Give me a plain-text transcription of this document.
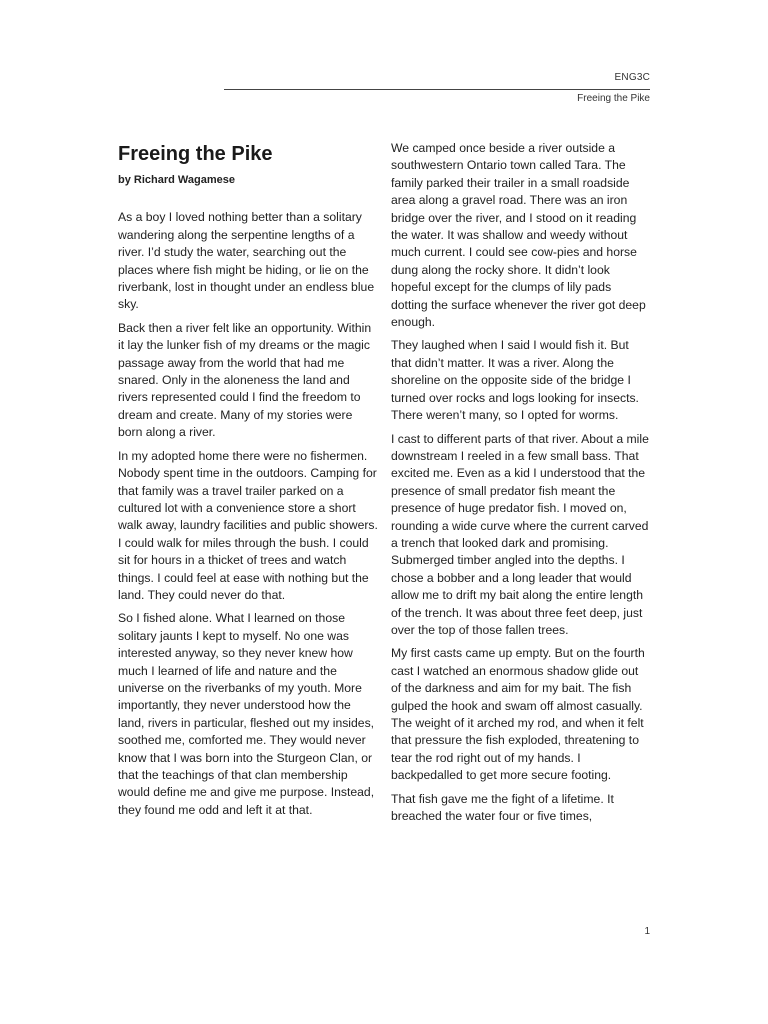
ENG3C
Freeing the Pike
Freeing the Pike
by Richard Wagamese

As a boy I loved nothing better than a solitary wandering along the serpentine lengths of a river. I’d study the water, searching out the places where fish might be hiding, or lie on the riverbank, lost in thought under an endless blue sky.

Back then a river felt like an opportunity. Within it lay the lunker fish of my dreams or the magic passage away from the world that had me snared. Only in the aloneness the land and rivers represented could I find the freedom to dream and create. Many of my stories were born along a river.

In my adopted home there were no fishermen. Nobody spent time in the outdoors. Camping for that family was a travel trailer parked on a cultured lot with a convenience store a short walk away, laundry facilities and public showers. I could walk for miles through the bush. I could sit for hours in a thicket of trees and watch things. I could feel at ease with nothing but the land. They could never do that.

So I fished alone. What I learned on those solitary jaunts I kept to myself. No one was interested anyway, so they never knew how much I learned of life and nature and the universe on the riverbanks of my youth. More importantly, they never understood how the land, rivers in particular, fleshed out my insides, soothed me, comforted me. They would never know that I was born into the Sturgeon Clan, or that the teachings of that clan membership would define me and give me purpose. Instead, they found me odd and left it at that.

We camped once beside a river outside a southwestern Ontario town called Tara. The family parked their trailer in a small roadside area along a gravel road. There was an iron bridge over the river, and I stood on it reading the water. It was shallow and weedy without much current. I could see cow-pies and horse dung along the rocky shore. It didn’t look hopeful except for the clumps of lily pads dotting the surface whenever the river got deep enough.

They laughed when I said I would fish it. But that didn’t matter. It was a river. Along the shoreline on the opposite side of the bridge I turned over rocks and logs looking for insects. There weren’t many, so I opted for worms.

I cast to different parts of that river. About a mile downstream I reeled in a few small bass. That excited me. Even as a kid I understood that the presence of small predator fish meant the presence of huge predator fish. I moved on, rounding a wide curve where the current carved a trench that looked dark and promising. Submerged timber angled into the depths. I chose a bobber and a long leader that would allow me to drift my bait along the entire length of the trench. It was about three feet deep, just over the top of those fallen trees.

My first casts came up empty. But on the fourth cast I watched an enormous shadow glide out of the darkness and aim for my bait. The fish gulped the hook and swam off almost casually. The weight of it arched my rod, and when it felt that pressure the fish exploded, threatening to tear the rod right out of my hands. I backpedalled to get more secure footing.

That fish gave me the fight of a lifetime. It breached the water four or five times,

1
